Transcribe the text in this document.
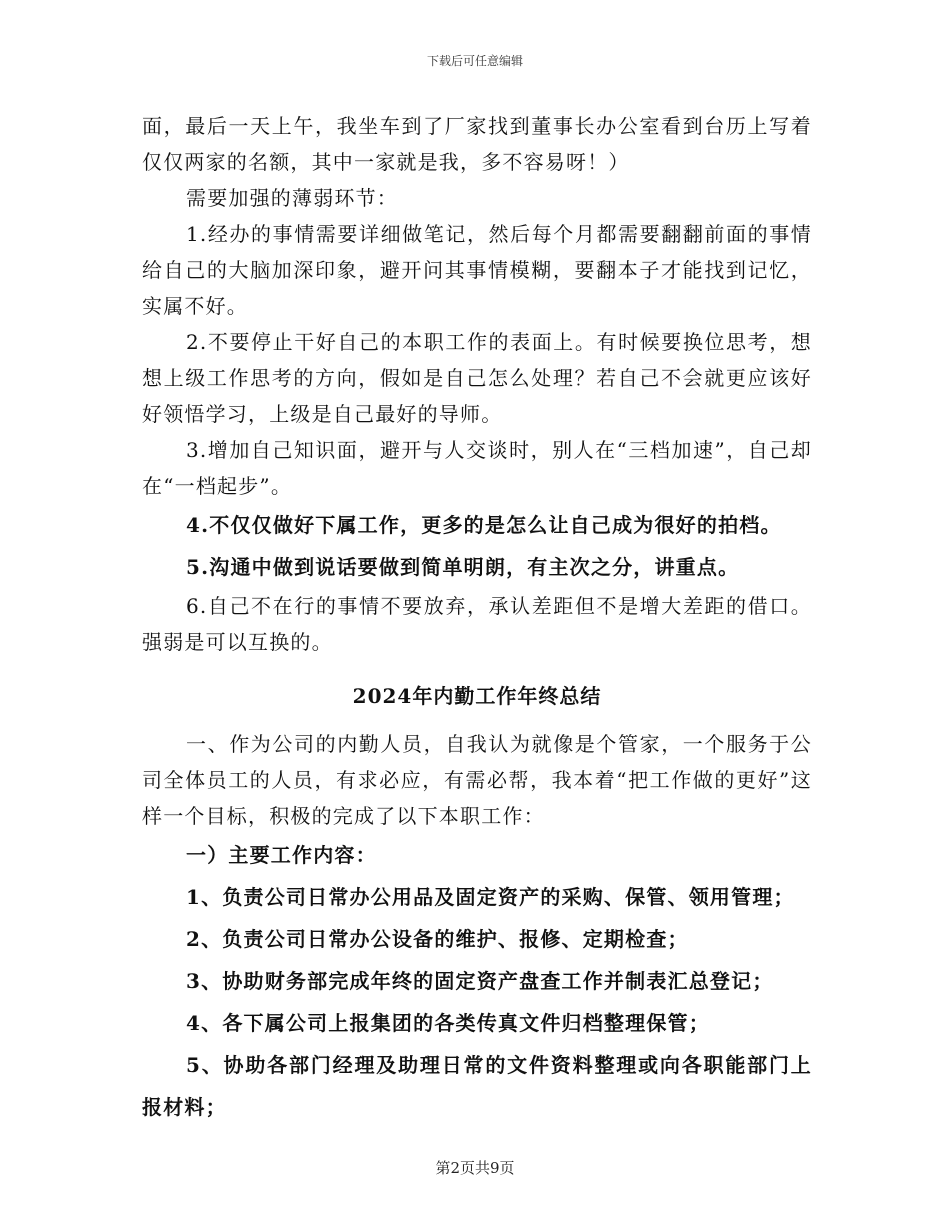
下载后可任意编辑

面，最后一天上午，我坐车到了厂家找到董事长办公室看到台历上写着仅仅两家的名额，其中一家就是我，多不容易呀！）

需要加强的薄弱环节：

1.经办的事情需要详细做笔记，然后每个月都需要翻翻前面的事情给自己的大脑加深印象，避开问其事情模糊，要翻本子才能找到记忆，实属不好。

2.不要停止干好自己的本职工作的表面上。有时候要换位思考，想想上级工作思考的方向，假如是自己怎么处理？若自己不会就更应该好好领悟学习，上级是自己最好的导师。

3.增加自己知识面，避开与人交谈时，别人在“三档加速”，自己却在“一档起步”。

4.不仅仅做好下属工作，更多的是怎么让自己成为很好的拍档。

5.沟通中做到说话要做到简单明朗，有主次之分，讲重点。

6.自己不在行的事情不要放弃，承认差距但不是增大差距的借口。强弱是可以互换的。

2024年内勤工作年终总结

一、作为公司的内勤人员，自我认为就像是个管家，一个服务于公司全体员工的人员，有求必应，有需必帮，我本着“把工作做的更好”这样一个目标，积极的完成了以下本职工作：

一）主要工作内容：

1、负责公司日常办公用品及固定资产的采购、保管、领用管理；

2、负责公司日常办公设备的维护、报修、定期检查；

3、协助财务部完成年终的固定资产盘查工作并制表汇总登记；

4、各下属公司上报集团的各类传真文件归档整理保管；

5、协助各部门经理及助理日常的文件资料整理或向各职能部门上报材料；

第2页共9页
